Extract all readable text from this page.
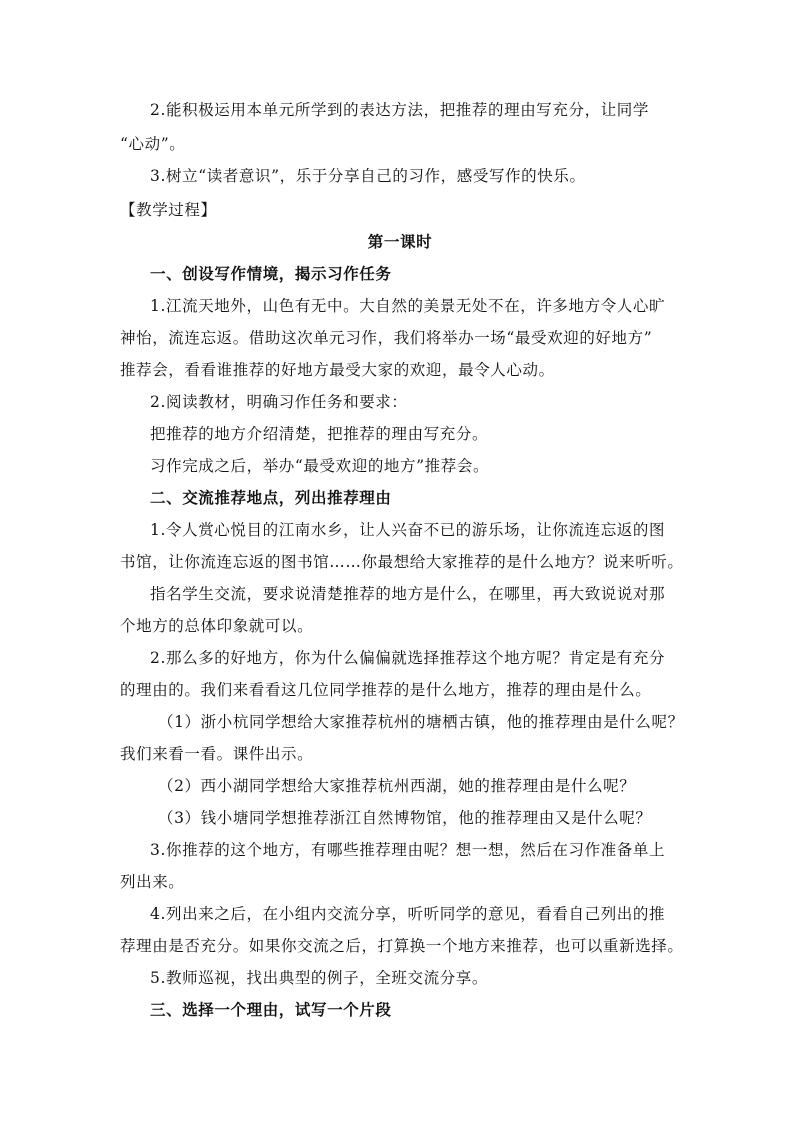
2.能积极运用本单元所学到的表达方法，把推荐的理由写充分，让同学
“心动”。
3.树立“读者意识”，乐于分享自己的习作，感受写作的快乐。
【教学过程】
第一课时
一、创设写作情境，揭示习作任务
1.江流天地外，山色有无中。大自然的美景无处不在，许多地方令人心旷
神怡，流连忘返。借助这次单元习作，我们将举办一场“最受欢迎的好地方”
推荐会，看看谁推荐的好地方最受大家的欢迎，最令人心动。
2.阅读教材，明确习作任务和要求：
把推荐的地方介绍清楚，把推荐的理由写充分。
习作完成之后，举办“最受欢迎的地方”推荐会。
二、交流推荐地点，列出推荐理由
1.令人赏心悦目的江南水乡，让人兴奋不已的游乐场，让你流连忘返的图
书馆，让你流连忘返的图书馆……你最想给大家推荐的是什么地方？说来听听。
指名学生交流，要求说清楚推荐的地方是什么，在哪里，再大致说说对那
个地方的总体印象就可以。
2.那么多的好地方，你为什么偏偏就选择推荐这个地方呢？肯定是有充分
的理由的。我们来看看这几位同学推荐的是什么地方，推荐的理由是什么。
（1）浙小杭同学想给大家推荐杭州的塘栖古镇，他的推荐理由是什么呢？
我们来看一看。课件出示。
（2）西小湖同学想给大家推荐杭州西湖，她的推荐理由是什么呢？
（3）钱小塘同学想推荐浙江自然博物馆，他的推荐理由又是什么呢？
3.你推荐的这个地方，有哪些推荐理由呢？想一想，然后在习作准备单上
列出来。
4.列出来之后，在小组内交流分享，听听同学的意见，看看自己列出的推
荐理由是否充分。如果你交流之后，打算换一个地方来推荐，也可以重新选择。
5.教师巡视，找出典型的例子，全班交流分享。
三、选择一个理由，试写一个片段
